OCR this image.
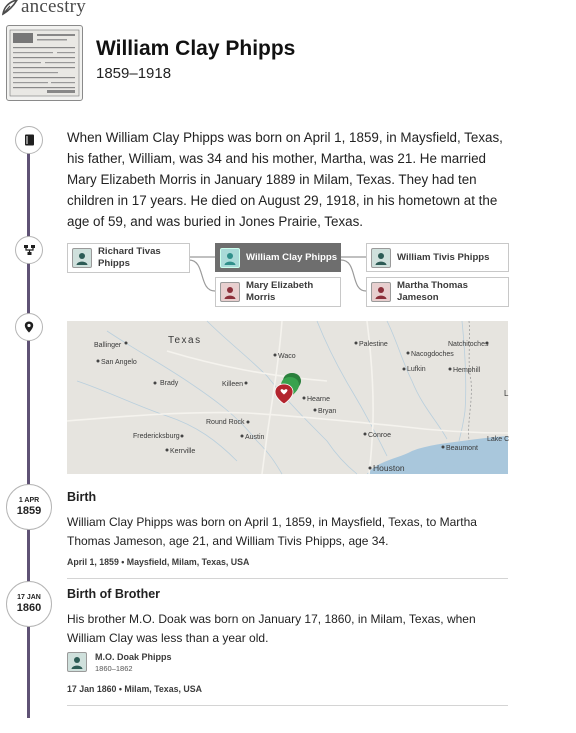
ancestry
William Clay Phipps
1859–1918
1 APR
1859
17 JAN
1860
When William Clay Phipps was born on April 1, 1859, in Maysfield, Texas, his father, William, was 34 and his mother, Martha, was 21. He married Mary Elizabeth Morris in January 1889 in Milam, Texas. They had ten children in 17 years. He died on August 29, 1918, in his hometown at the age of 59, and was buried in Jones Prairie, Texas.
Richard Tivas Phipps
William Clay Phipps
Mary Elizabeth Morris
William Tivis Phipps
Martha Thomas Jameson
Texas
Ballinger
San Angelo
Brady
Waco
Palestine
Nacogdoches
Natchitoches
Lufkin	Hemphill
Killeen
Hearne
Bryan
Round Rock
Austin
Fredericksburg
Kerrville
Conroe
Beaumont
Lake C
Houston
L
Birth
William Clay Phipps was born on April 1, 1859, in Maysfield, Texas, to Martha Thomas Jameson, age 21, and William Tivis Phipps, age 34.
April 1, 1859 • Maysfield, Milam, Texas, USA
Birth of Brother
His brother M.O. Doak was born on January 17, 1860, in Milam, Texas, when William Clay was less than a year old.
M.O. Doak Phipps
1860–1862
17 Jan 1860 • Milam, Texas, USA
